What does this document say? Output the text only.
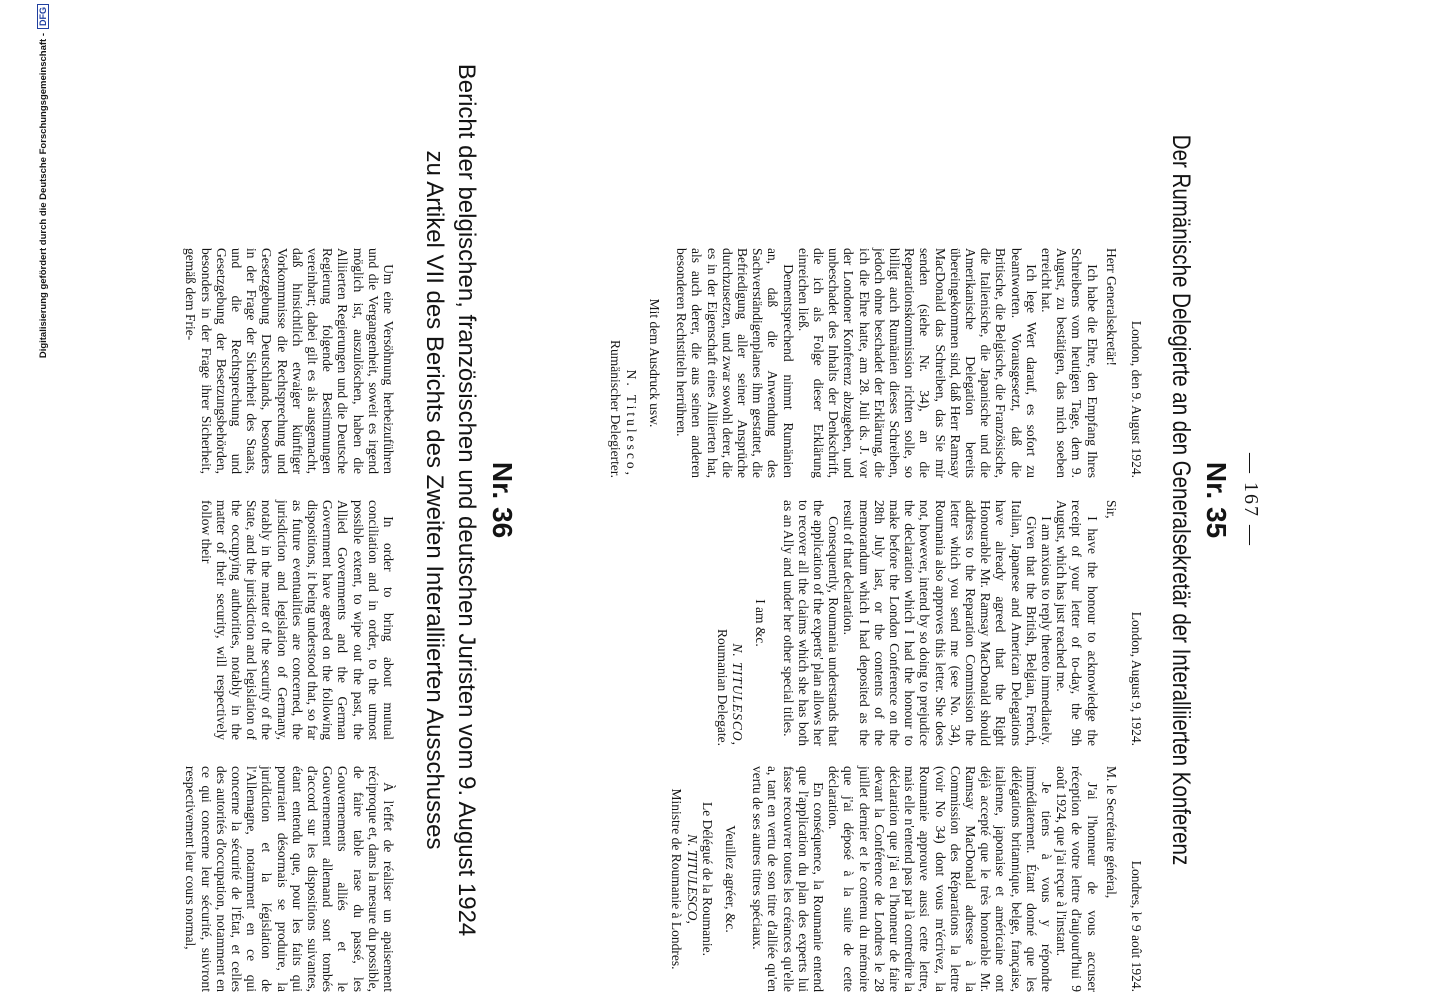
— 167 —
Nr. 35
Der Rumänische Delegierte an den Generalsekretär der Interalliierten Konferenz

London, den 9. August 1924.

Herr Generalsekretär!

Ich habe die Ehre, den Empfang Ihres Schreibens vom heutigen Tage, dem 9. August, zu bestätigen, das mich soeben erreicht hat.

Ich lege Wert darauf, es sofort zu beantworten. Vorausgesetzt, daß die Britische, die Belgische, die Französische, die Italienische, die Japanische und die Amerikanische Delegation bereits übereingekommen sind, daß Herr Ramsay MacDonald das Schreiben, das Sie mir senden (siehe Nr. 34), an die Reparationskommission richten solle, so billigt auch Rumänien dieses Schreiben, jedoch ohne beschadet der Erklärung, die ich die Ehre hatte, am 28. Juli ds. J. vor der Londoner Konferenz abzugeben, und unbeschadet des Inhalts der Denkschrift, die ich als Folge dieser Erklärung einreichen ließ.

Dementsprechend nimmt Rumänien an, daß die Anwendung des Sachverständigenplanes ihm gestattet, die Befriedigung aller seiner Ansprüche durchzusetzen, und zwar sowohl derer, die es in der Eigenschaft eines Alliierten hat, als auch derer, die aus seinen anderen besonderen Rechtstiteln herrühren.

Mit dem Ausdruck usw.

N. Titulesco,

Rumänischer Delegierter.

London, August 9, 1924.

Sir,

I have the honour to acknowledge the receipt of your letter of to-day, the 9th August, which has just reached me.

I am anxious to reply thereto immediately.

Given that the British, Belgian, French, Italian, Japanese and American Delegations have already agreed that the Right Honourable Mr. Ramsay MacDonald should address to the Reparation Commission the letter which you send me (see No. 34), Roumania also approves this letter. She does not, however, intend by so doing to prejudice the declaration which I had the honour to make before the London Conference on the 28th July last, or the contents of the memorandum which I had deposited as the result of that declaration.

Consequently, Roumania understands that the application of the experts' plan allows her to recover all the claims which she has both as an Ally and under her other special titles.

I am &c.

N. TITULESCO,

Roumanian Delegate.

Londres, le 9 août 1924.

M. le Secrétaire général,

J'ai l'honneur de vous accuser réception de votre lettre d'aujourd'hui 9 août 1924, que j'ai reçue à l'instant.

Je tiens à vous y répondre immédiatement. Étant donné que les délégations britannique, belge, française, italienne, japonaise et américaine ont déjà accepté que le très honorable Mr. Ramsay MacDonald adresse à la Commission des Réparations la lettre (voir No 34) dont vous m'écrivez, la Roumanie approuve aussi cette lettre, mais elle n'entend pas par là contredire la déclaration que j'ai eu l'honneur de faire devant la Conférence de Londres le 28 juillet dernier et le contenu du mémoire que j'ai déposé à la suite de cette déclaration.

En conséquence, la Roumanie entend que l'application du plan des experts lui fasse recouvrer toutes les créances qu'elle a, tant en vertu de son titre d'alliée qu'en vertu de ses autres titres spéciaux.

Veuillez agréer, &c.

Le Délégué de la Roumanie.

N. TITULESCO,

Ministre de Roumanie à Londres.

Nr. 36
Bericht der belgischen, französischen und deutschen Juristen vom 9. August 1924
zu Artikel VII des Berichts des Zweiten Interalliierten Ausschusses

Um eine Versöhnung herbeizuführen und die Vergangenheit, soweit es irgend möglich ist, auszulöschen, haben die Alliierten Regierungen und die Deutsche Regierung folgende Bestimmungen vereinbart; dabei gilt es als ausgemacht, daß hinsichtlich etwaiger künftiger Vorkommnisse die Rechtsprechung und Gesetzgebung Deutschlands, besonders in der Frage der Sicherheit des Staats, und die Rechtsprechung und Gesetzgebung der Besetzungsbehörden, besonders in der Frage ihrer Sicherheit, gemäß dem Frie-

In order to bring about mutual conciliation and in order, to the utmost possible extent, to wipe out the past, the Allied Governments and the German Government have agreed on the following dispositions, it being understood that, so far as future eventualities are concerned, the jurisdiction and legislation of Germany, notably in the matter of the security of the State, and the jurisdiction and legislation of the occupying authorities, notably in the matter of their security, will respectively follow their

À l'effet de réaliser un apaisement réciproque et, dans la mesure du possible, de faire table rase du passé, les Gouvernements alliés et le Gouvernement allemand sont tombés d'accord sur les dispositions suivantes, étant entendu que, pour les faits qui pourraient désormais se produire, la juridiction et la législation de l'Allemagne, notamment en ce qui concerne la sécurité de l'État, et celles des autorités d'occupation, notamment en ce qui concerne leur sécurité, suivront respectivement leur cours normal,

Digitalisierung gefördert durch die Deutsche Forschungsgemeinschaft -
DFG
